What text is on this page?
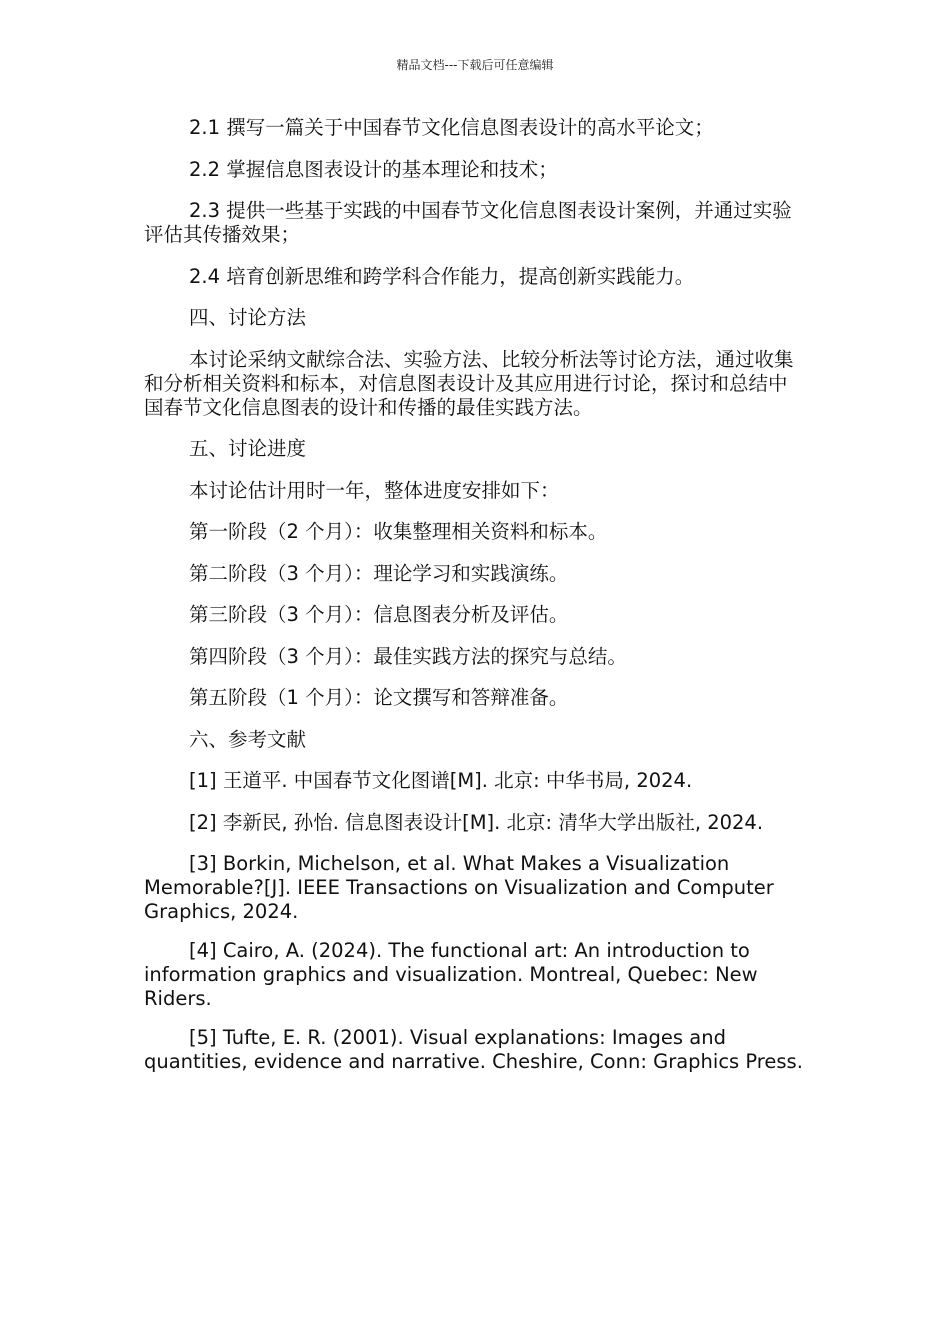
精品文档---下载后可任意编辑

2.1 撰写一篇关于中国春节文化信息图表设计的高水平论文；

2.2 掌握信息图表设计的基本理论和技术；

2.3 提供一些基于实践的中国春节文化信息图表设计案例，并通过实验评估其传播效果；

2.4 培育创新思维和跨学科合作能力，提高创新实践能力。

四、讨论方法

本讨论采纳文献综合法、实验方法、比较分析法等讨论方法，通过收集和分析相关资料和标本，对信息图表设计及其应用进行讨论，探讨和总结中国春节文化信息图表的设计和传播的最佳实践方法。

五、讨论进度

本讨论估计用时一年，整体进度安排如下：

第一阶段（2 个月）：收集整理相关资料和标本。

第二阶段（3 个月）：理论学习和实践演练。

第三阶段（3 个月）：信息图表分析及评估。

第四阶段（3 个月）：最佳实践方法的探究与总结。

第五阶段（1 个月）：论文撰写和答辩准备。

六、参考文献

[1] 王道平. 中国春节文化图谱[M]. 北京: 中华书局, 2024.

[2] 李新民, 孙怡. 信息图表设计[M]. 北京: 清华大学出版社, 2024.

[3] Borkin, Michelson, et al. What Makes a Visualization Memorable?[J]. IEEE Transactions on Visualization and Computer Graphics, 2024.

[4] Cairo, A. (2024). The functional art: An introduction to information graphics and visualization. Montreal, Quebec: New Riders.

[5] Tufte, E. R. (2001). Visual explanations: Images and quantities, evidence and narrative. Cheshire, Conn: Graphics Press.
